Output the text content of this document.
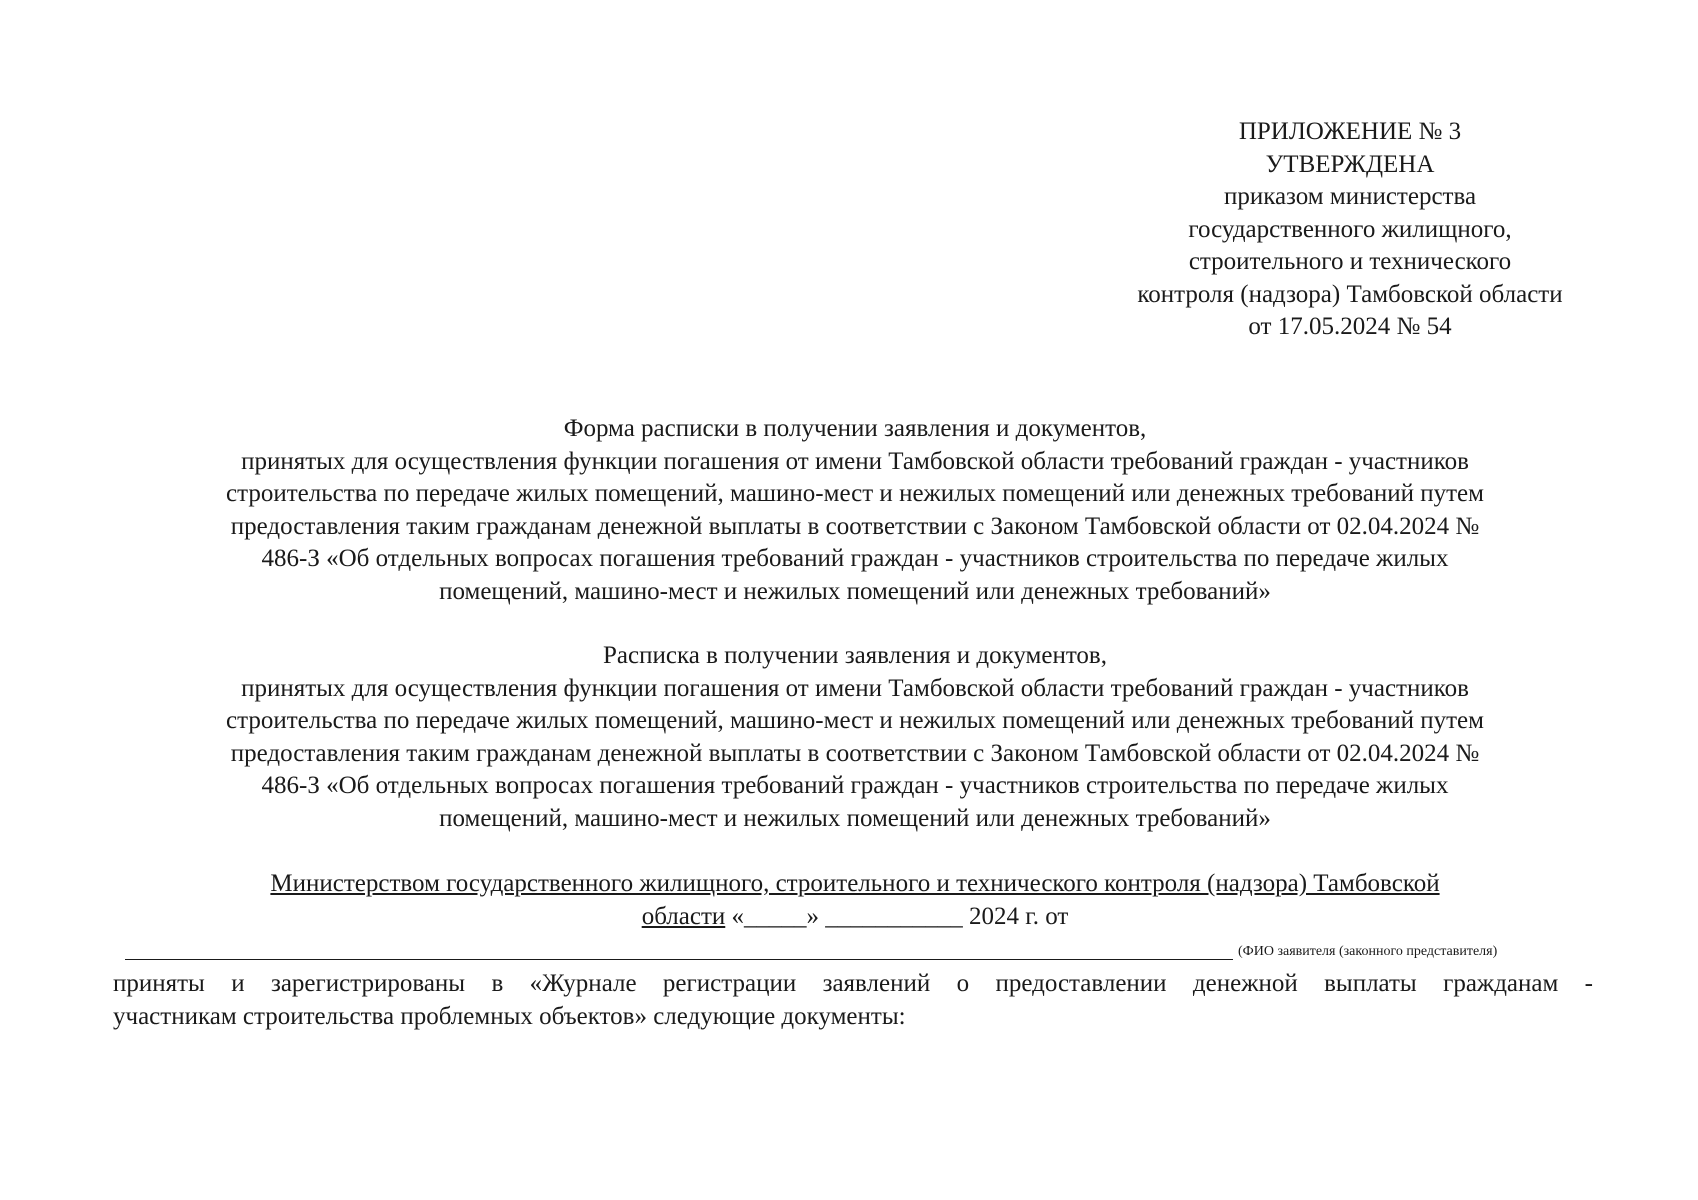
ПРИЛОЖЕНИЕ № 3
УТВЕРЖДЕНА
приказом министерства
государственного жилищного,
строительного и технического
контроля (надзора) Тамбовской области
от 17.05.2024 № 54
Форма расписки в получении заявления и документов,
принятых для осуществления функции погашения от имени Тамбовской области требований граждан - участников
строительства по передаче жилых помещений, машино-мест и нежилых помещений или денежных требований путем
предоставления таким гражданам денежной выплаты в соответствии с Законом Тамбовской области от 02.04.2024 №
486-З «Об отдельных вопросах погашения требований граждан - участников строительства по передаче жилых
помещений, машино-мест и нежилых помещений или денежных требований»
Расписка в получении заявления и документов,
принятых для осуществления функции погашения от имени Тамбовской области требований граждан - участников
строительства по передаче жилых помещений, машино-мест и нежилых помещений или денежных требований путем
предоставления таким гражданам денежной выплаты в соответствии с Законом Тамбовской области от 02.04.2024 №
486-З «Об отдельных вопросах погашения требований граждан - участников строительства по передаче жилых
помещений, машино-мест и нежилых помещений или денежных требований»
Министерством государственного жилищного, строительного и технического контроля (надзора) Тамбовской
области «_____» ___________ 2024 г. от
(ФИО заявителя (законного представителя)
приняты и зарегистрированы в «Журнале регистрации заявлений о предоставлении денежной выплаты гражданам -
участникам строительства проблемных объектов» следующие документы:
